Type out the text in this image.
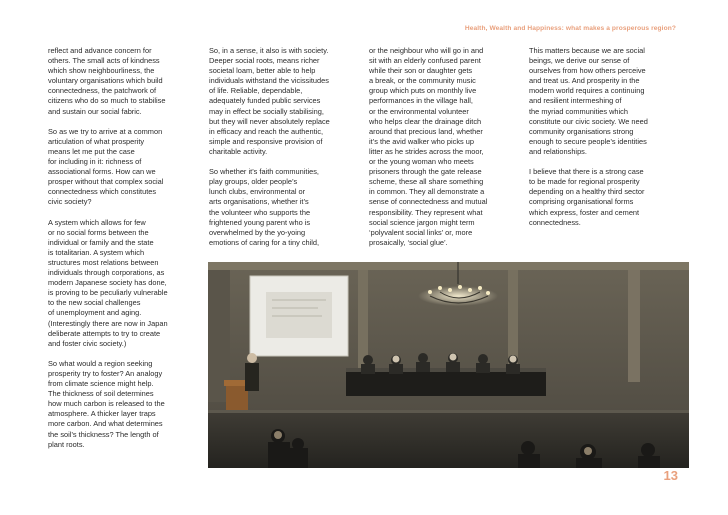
Health, Wealth and Happiness: what makes a prosperous region?

reflect and advance concern for
others. The small acts of kindness
which show neighbourliness, the
voluntary organisations which build
connectedness, the patchwork of
citizens who do so much to stabilise
and sustain our social fabric.

So as we try to arrive at a common
articulation of what prosperity
means let me put the case
for including in it: richness of
associational forms. How can we
prosper without that complex social
connectedness which constitutes
civic society?

A system which allows for few
or no social forms between the
individual or family and the state
is totalitarian. A system which
structures most relations between
individuals through corporations, as
modern Japanese society has done,
is proving to be peculiarly vulnerable
to the new social challenges
of unemployment and aging.
(Interestingly there are now in Japan
deliberate attempts to try to create
and foster civic society.)

So what would a region seeking
prosperity try to foster? An analogy
from climate science might help.
The thickness of soil determines
how much carbon is released to the
atmosphere. A thicker layer traps
more carbon. And what determines
the soil’s thickness? The length of
plant roots.

So, in a sense, it also is with society.
Deeper social roots, means richer
societal loam, better able to help
individuals withstand the vicissitudes
of life. Reliable, dependable,
adequately funded public services
may in effect be socially stabilising,
but they will never absolutely replace
in efficacy and reach the authentic,
simple and responsive provision of
charitable activity.

So whether it’s faith communities,
play groups, older people’s
lunch clubs, environmental or
arts organisations, whether it’s
the volunteer who supports the
frightened young parent who is
overwhelmed by the yo-yoing
emotions of caring for a tiny child,

or the neighbour who will go in and
sit with an elderly confused parent
while their son or daughter gets
a break, or the community music
group which puts on monthly live
performances in the village hall,
or the environmental volunteer
who helps clear the drainage ditch
around that precious land, whether
it’s the avid walker who picks up
litter as he strides across the moor,
or the young woman who meets
prisoners through the gate release
scheme, these all share something
in common. They all demonstrate a
sense of connectedness and mutual
responsibility. They represent what
social science jargon might term
‘polyvalent social links’ or, more
prosaically, ‘social glue’.

This matters because we are social
beings, we derive our sense of
ourselves from how others perceive
and treat us. And prosperity in the
modern world requires a continuing
and resilient intermeshing of
the myriad communities which
constitute our civic society. We need
community organisations strong
enough to secure people’s identities
and relationships.

I believe that there is a strong case
to be made for regional prosperity
depending on a healthy third sector
comprising organisational forms
which express, foster and cement
connectedness.

13
